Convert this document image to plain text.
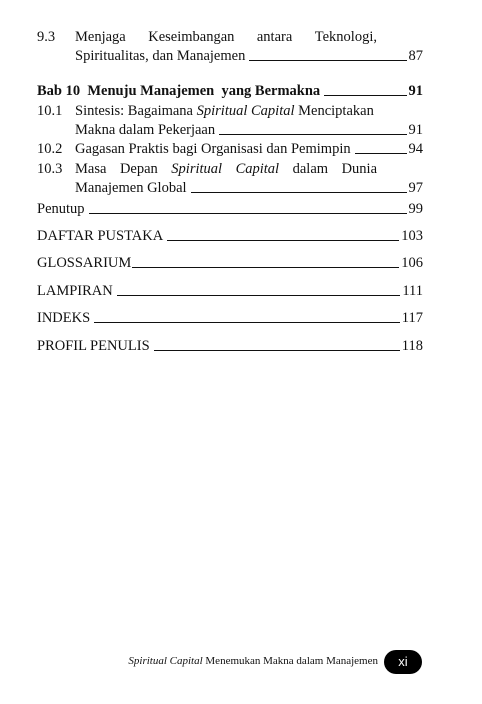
9.3 Menjaga Keseimbangan antara Teknologi,
Spiritualitas, dan Manajemen	87
Bab 10  Menuju Manajemen  yang Bermakna	91
10.1 Sintesis: Bagaimana Spiritual Capital Menciptakan
Makna dalam Pekerjaan	91
10.2 Gagasan Praktis bagi Organisasi dan Pemimpin	94
10.3 Masa Depan Spiritual Capital dalam Dunia
Manajemen Global	97
Penutup	99
DAFTAR PUSTAKA	103
GLOSSARIUM	106
LAMPIRAN	111
INDEKS	117
PROFIL PENULIS	118
Spiritual Capital Menemukan Makna dalam Manajemen	xi
